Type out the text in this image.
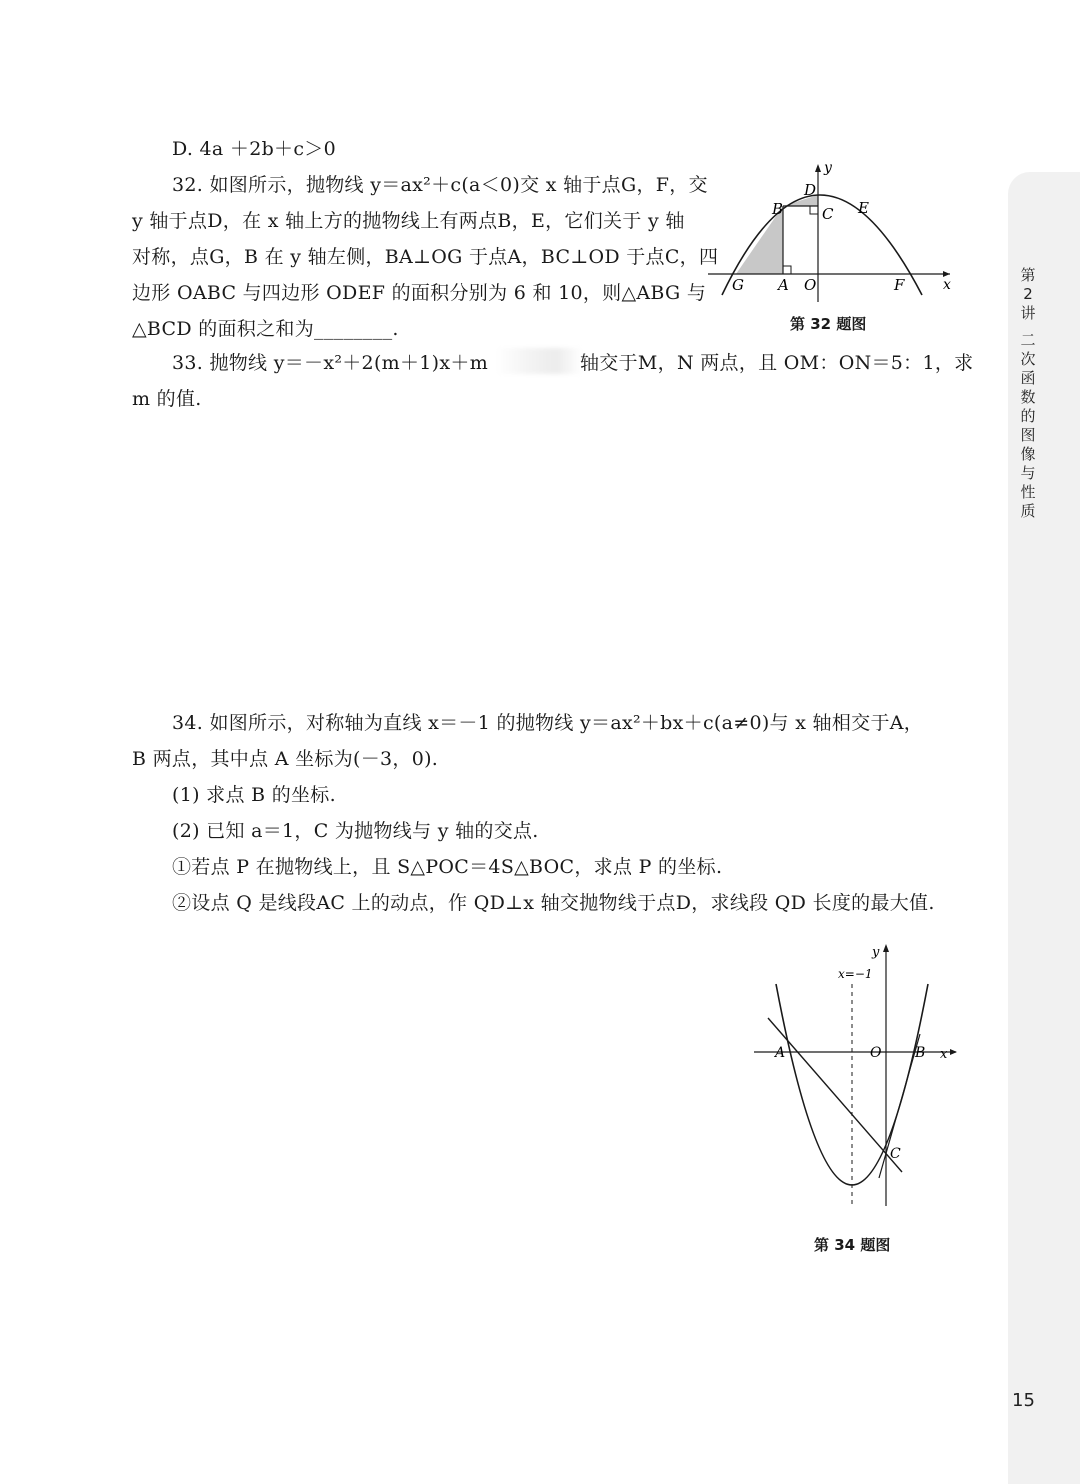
第
2
讲
二
次
函
数
的
图
像
与
性
质
D. 4a ＋2b＋c＞0
32. 如图所示，抛物线 y＝ax²＋c(a＜0)交 x 轴于点G，F，交
y 轴于点D，在 x 轴上方的抛物线上有两点B，E，它们关于 y 轴
对称，点G，B 在 y 轴左侧，BA⊥OG 于点A，BC⊥OD 于点C，四
边形 OABC 与四边形 ODEF 的面积分别为 6 和 10，则△ABG 与
△BCD 的面积之和为________.
33. 抛物线 y＝－x²＋2(m＋1)x＋m	轴交于M，N 两点，且 OM：ON＝5：1，求
m 的值.
34. 如图所示，对称轴为直线 x＝－1 的抛物线 y＝ax²＋bx＋c(a≠0)与 x 轴相交于A，
B 两点，其中点 A 坐标为(－3，0).
(1) 求点 B 的坐标.
(2) 已知 a＝1，C 为抛物线与 y 轴的交点.
①若点 P 在抛物线上，且 S△POC＝4S△BOC，求点 P 的坐标.
②设点 Q 是线段AC 上的动点，作 QD⊥x 轴交抛物线于点D，求线段 QD 长度的最大值.
y
x
D
B	C E
G A O	F
第 32 题图
y
x
x=−1
A	O B
C
第 34 题图
15
